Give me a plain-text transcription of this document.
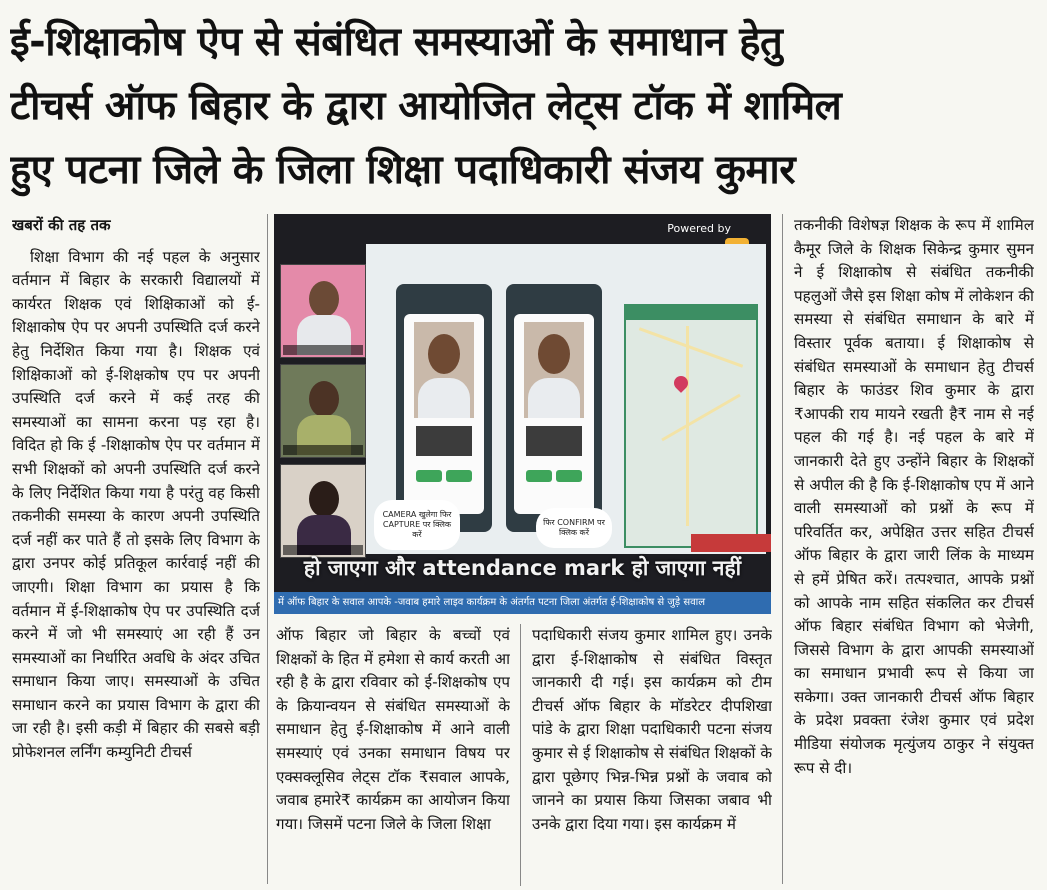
ई-शिक्षाकोष ऐप से संबंधित समस्याओं के समाधान हेतु
टीचर्स ऑफ बिहार के द्वारा आयोजित लेट्स टॉक में शामिल
हुए पटना जिले के जिला शिक्षा पदाधिकारी संजय कुमार
खबरों की तह तक

शिक्षा विभाग की नई पहल के अनुसार वर्तमान में बिहार के सरकारी विद्यालयों में कार्यरत शिक्षक एवं शिक्षिकाओं को ई-शिक्षाकोष ऐप पर अपनी उपस्थिति दर्ज करने हेतु निर्देशित किया गया है। शिक्षक एवं शिक्षिकाओं को ई-शिक्षकोष एप पर अपनी उपस्थिति दर्ज करने में कई तरह की समस्याओं का सामना करना पड़ रहा है। विदित हो कि ई -शिक्षाकोष ऐप पर वर्तमान में सभी शिक्षकों को अपनी उपस्थिति दर्ज करने के लिए निर्देशित किया गया है परंतु वह किसी तकनीकी समस्या के कारण अपनी उपस्थिति दर्ज नहीं कर पाते हैं तो इसके लिए विभाग के द्वारा उनपर कोई प्रतिकूल कार्रवाई नहीं की जाएगी। शिक्षा विभाग का प्रयास है कि वर्तमान में ई-शिक्षाकोष ऐप पर उपस्थिति दर्ज करने में जो भी समस्याएं आ रही हैं उन समस्याओं का निर्धारित अवधि के अंदर उचित समाधान किया जाए। समस्याओं के उचित समाधान करने का प्रयास विभाग के द्वारा की जा रही है। इसी कड़ी में बिहार की सबसे बड़ी प्रोफेशनल लर्निंग कम्युनिटी टीचर्स

Powered by
CAMERA खुलेगा फिर CAPTURE पर क्लिक करें
फिर CONFIRM पर क्लिक करें
हो जाएगा और attendance mark हो जाएगा नहीं
में ऑफ बिहार के सवाल आपके -जवाब हमारे लाइव कार्यक्रम के अंतर्गत पटना जिला अंतर्गत ई-शिक्षाकोष से जुड़े सवाल

ऑफ बिहार जो बिहार के बच्चों एवं शिक्षकों के हित में हमेशा से कार्य करती आ रही है के द्वारा रविवार को ई-शिक्षकोष एप के क्रियान्वयन से संबंधित समस्याओं के समाधान हेतु ई-शिक्षाकोष में आने वाली समस्याएं एवं उनका समाधान विषय पर एक्सक्लूसिव लेट्स टॉक ₹सवाल आपके, जवाब हमारे₹ कार्यक्रम का आयोजन किया गया। जिसमें पटना जिले के जिला शिक्षा

पदाधिकारी संजय कुमार शामिल हुए। उनके द्वारा ई-शिक्षाकोष से संबंधित विस्तृत जानकारी दी गई। इस कार्यक्रम को टीम टीचर्स ऑफ बिहार के मॉडरेटर दीपशिखा पांडे के द्वारा शिक्षा पदाधिकारी पटना संजय कुमार से ई शिक्षाकोष से संबंधित शिक्षकों के द्वारा पूछेगए भिन्न-भिन्न प्रश्नों के जवाब को जानने का प्रयास किया जिसका जबाव भी उनके द्वारा दिया गया। इस कार्यक्रम में

तकनीकी विशेषज्ञ शिक्षक के रूप में शामिल कैमूर जिले के शिक्षक सिकेन्द्र कुमार सुमन ने ई शिक्षाकोष से संबंधित तकनीकी पहलुओं जैसे इस शिक्षा कोष में लोकेशन की समस्या से संबंधित समाधान के बारे में विस्तार पूर्वक बताया। ई शिक्षाकोष से संबंधित समस्याओं के समाधान हेतु टीचर्स बिहार के फाउंडर शिव कुमार के द्वारा ₹आपकी राय मायने रखती है₹ नाम से नई पहल की गई है। नई पहल के बारे में जानकारी देते हुए उन्होंने बिहार के शिक्षकों से अपील की है कि ई-शिक्षाकोष एप में आने वाली समस्याओं को प्रश्नों के रूप में परिवर्तित कर, अपेक्षित उत्तर सहित टीचर्स ऑफ बिहार के द्वारा जारी लिंक के माध्यम से हमें प्रेषित करें। तत्पश्चात, आपके प्रश्नों को आपके नाम सहित संकलित कर टीचर्स ऑफ बिहार संबंधित विभाग को भेजेगी, जिससे विभाग के द्वारा आपकी समस्याओं का समाधान प्रभावी रूप से किया जा सकेगा। उक्त जानकारी टीचर्स ऑफ बिहार के प्रदेश प्रवक्ता रंजेश कुमार एवं प्रदेश मीडिया संयोजक मृत्युंजय ठाकुर ने संयुक्त रूप से दी।
